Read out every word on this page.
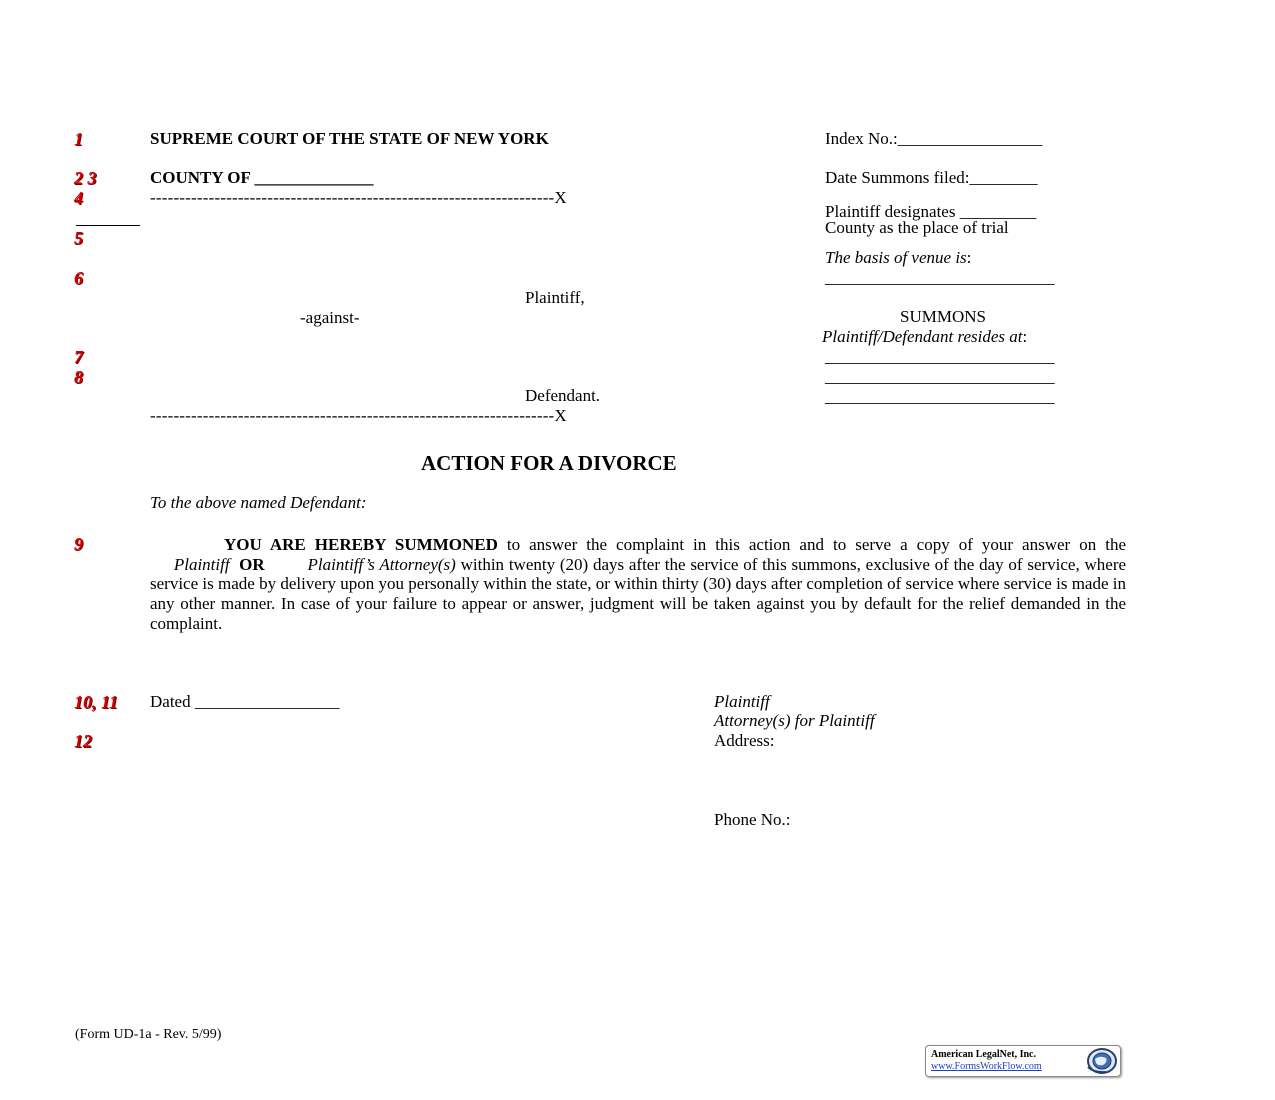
1
2 3
4
5
6
7
8
9
10, 11
12
SUPREME COURT OF THE STATE OF NEW YORK
COUNTY OF ______________
---------------------------------------------------------------------X
Plaintiff,
-against-
Defendant.
---------------------------------------------------------------------X
Index No.:_________________
Date Summons filed:________
Plaintiff designates _________
County as the place of trial
The basis of venue is:
___________________________
SUMMONS
Plaintiff/Defendant resides at:
___________________________
___________________________
___________________________
ACTION FOR A DIVORCE
To the above named Defendant:
YOU ARE HEREBY SUMMONED to answer the complaint in this action and to serve a copy of your answer on the      Plaintiff OR	Plaintiff’s Attorney(s) within twenty (20) days after the service of this summons, exclusive of the day of service, where service is made by delivery upon you personally within the state, or within thirty (30) days after completion of service where service is made in any other manner. In case of your failure to appear or answer, judgment will be taken against you by default for the relief demanded in the complaint.
Dated _________________	Plaintiff
Attorney(s) for Plaintiff
Address:
Phone No.:
(Form UD-1a - Rev. 5/99)
American LegalNet, Inc.
www.FormsWorkFlow.com
